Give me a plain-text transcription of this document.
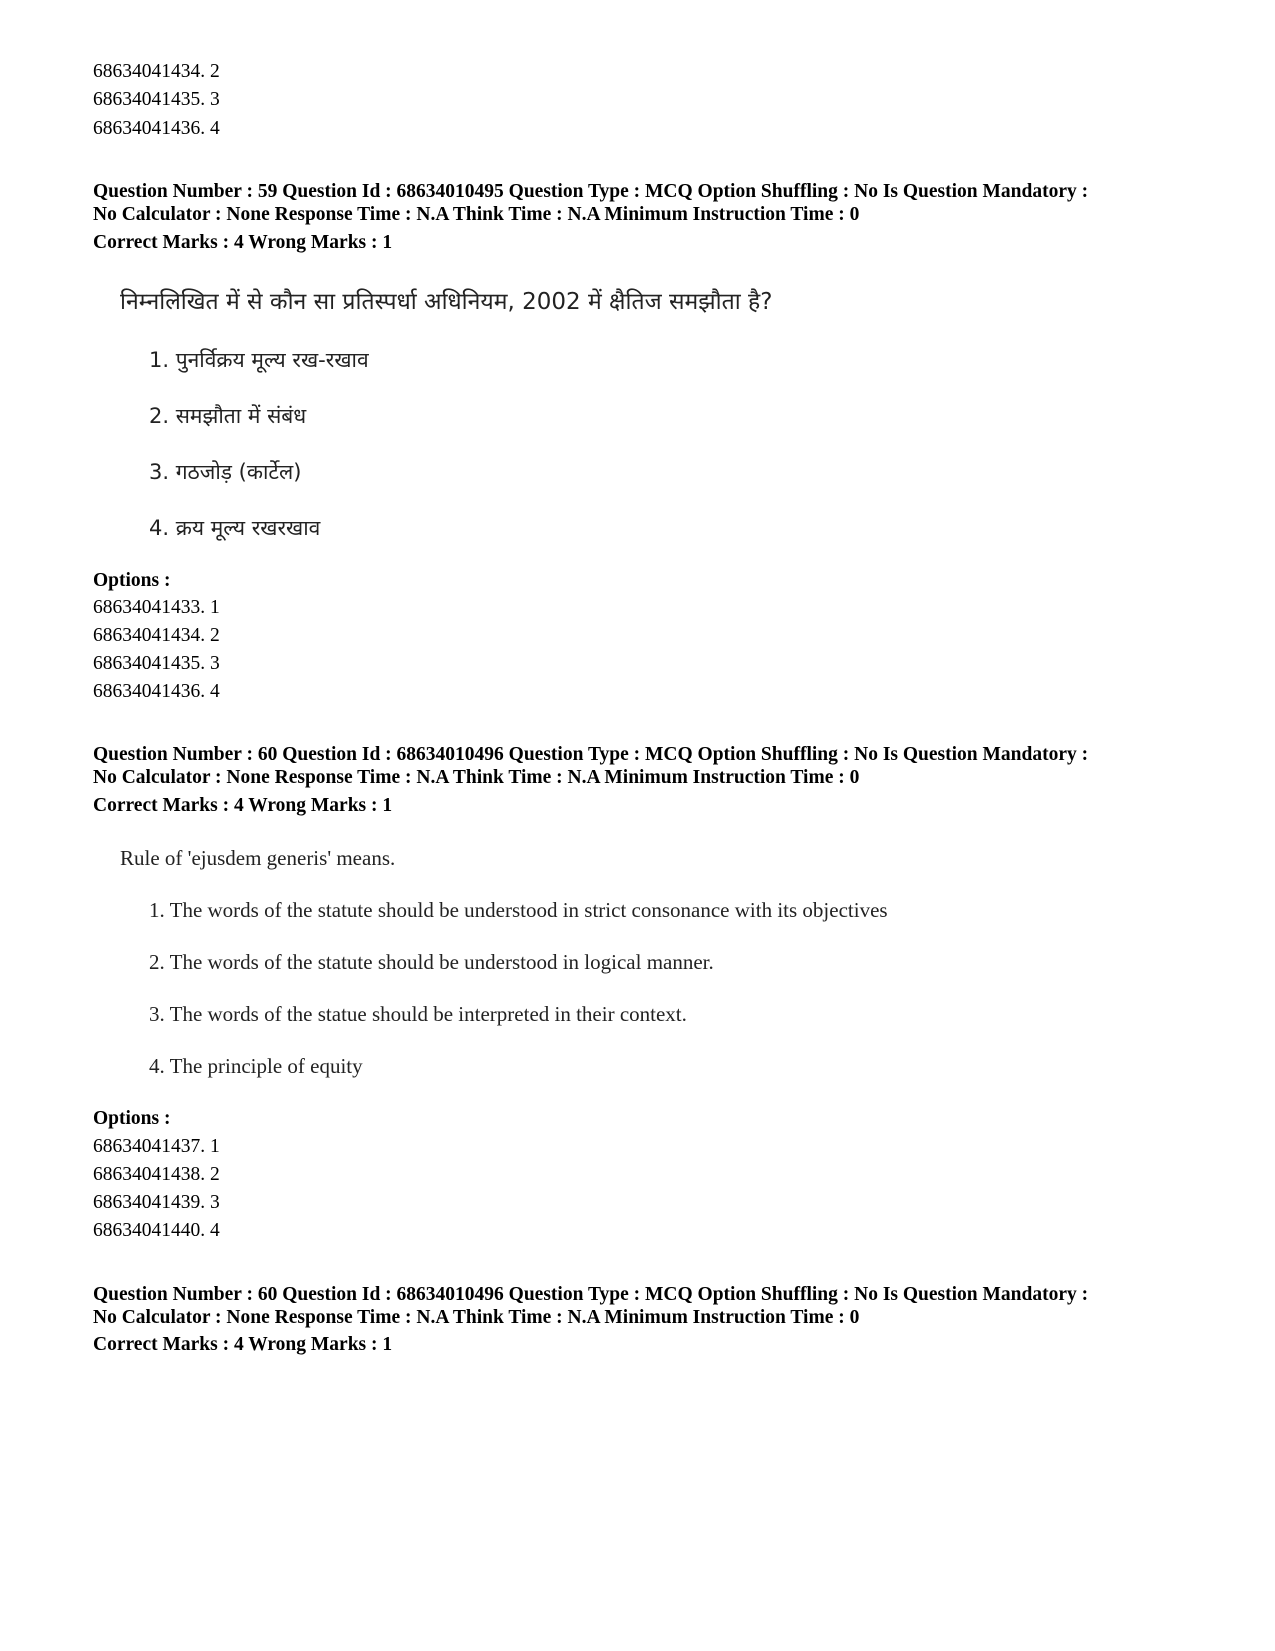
68634041434. 2
68634041435. 3
68634041436. 4
Question Number : 59 Question Id : 68634010495 Question Type : MCQ Option Shuffling : No Is Question Mandatory :
No Calculator : None Response Time : N.A Think Time : N.A Minimum Instruction Time : 0
Correct Marks : 4 Wrong Marks : 1
निम्नलिखित में से कौन सा प्रतिस्पर्धा अधिनियम, 2002 में क्षैतिज समझौता है?
1. पुनर्विक्रय मूल्य रख-रखाव
2. समझौता में संबंध
3. गठजोड़ (कार्टेल)
4. क्रय मूल्य रखरखाव
Options :
68634041433. 1
68634041434. 2
68634041435. 3
68634041436. 4
Question Number : 60 Question Id : 68634010496 Question Type : MCQ Option Shuffling : No Is Question Mandatory :
No Calculator : None Response Time : N.A Think Time : N.A Minimum Instruction Time : 0
Correct Marks : 4 Wrong Marks : 1
Rule of 'ejusdem generis' means.
1. The words of the statute should be understood in strict consonance with its objectives
2. The words of the statute should be understood in logical manner.
3. The words of the statue should be interpreted in their context.
4. The principle of equity
Options :
68634041437. 1
68634041438. 2
68634041439. 3
68634041440. 4
Question Number : 60 Question Id : 68634010496 Question Type : MCQ Option Shuffling : No Is Question Mandatory :
No Calculator : None Response Time : N.A Think Time : N.A Minimum Instruction Time : 0
Correct Marks : 4 Wrong Marks : 1
